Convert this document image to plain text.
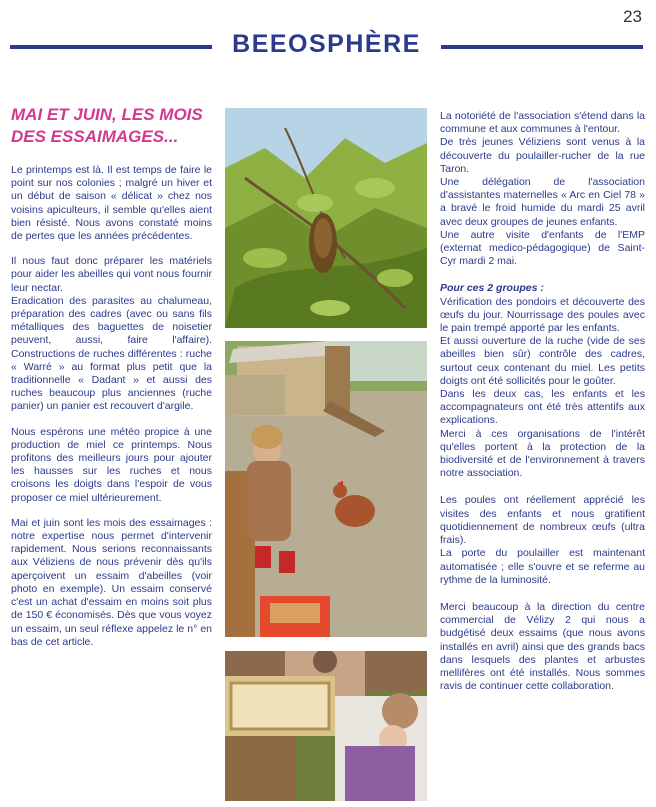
23
BEEOSPHÈRE
MAI ET JUIN, LES MOIS
DES ESSAIMAGES...

Le printemps est là. Il est temps de faire le point sur nos colonies ; malgré un hiver et un début de saison « délicat » chez nos voisins apiculteurs, il semble qu'elles aient bien résisté. Nous avons constaté moins de pertes que les années précédentes.

Il nous faut donc préparer les matériels pour aider les abeilles qui vont nous fournir leur nectar.

Eradication des parasites au chalumeau, préparation des cadres (avec ou sans fils métalliques des baguettes de noisetier peuvent, aussi, faire l'affaire). Constructions de ruches différentes : ruche « Warré » au format plus petit que la traditionnelle « Dadant » et aussi des ruches beaucoup plus anciennes (ruche panier) un panier est recouvert d'argile.

Nous espérons une météo propice à une production de miel ce printemps. Nous profitons des meilleurs jours pour ajouter les hausses sur les ruches et nous croisons les doigts dans l'espoir de vous proposer ce miel ultérieurement.

Mai et juin sont les mois des essaimages : notre expertise nous permet d'intervenir rapidement. Nous serions reconnaissants aux Véliziens de nous prévenir dès qu'ils aperçoivent un essaim d'abeilles (voir photo en exemple). Un essaim conservé c'est un achat d'essaim en moins soit plus de 150 € économisés. Dès que vous voyez un essaim, un seul réflexe appelez le n° en bas de cet article.

La notoriété de l'association s'étend dans la commune et aux communes à l'entour.

De très jeunes Véliziens sont venus à la découverte du poulailler-rucher de la rue Taron.

Une délégation de l'association d'assistantes maternelles « Arc en Ciel 78 » a bravé le froid humide du mardi 25 avril avec deux groupes de jeunes enfants.

Une autre visite d'enfants de l'EMP (externat medico-pédagogique) de Saint-Cyr mardi 2 mai.

Pour ces 2 groupes :

Vérification des pondoirs et découverte des œufs du jour. Nourrissage des poules avec le pain trempé apporté par les enfants.

Et aussi ouverture de la ruche (vide de ses abeilles bien sûr) contrôle des cadres, surtout ceux contenant du miel. Les petits doigts ont été sollicités pour le goûter.

Dans les deux cas, les enfants et les accompagnateurs ont été très attentifs aux explications.

Merci à ces organisations de l'intérêt qu'elles portent à la protection de la biodiversité et de l'environnement à travers notre association.

Les poules ont réellement apprécié les visites des enfants et nous gratifient quotidiennement de nombreux œufs (ultra frais).

La porte du poulailler est maintenant automatisée ; elle s'ouvre et se referme au rythme de la luminosité.

Merci beaucoup à la direction du centre commercial de Vélizy 2 qui nous a budgétisé deux essaims (que nous avons installés en avril) ainsi que des grands bacs dans lesquels des plantes et arbustes mellifères ont été installés. Nous sommes ravis de continuer cette collaboration.
